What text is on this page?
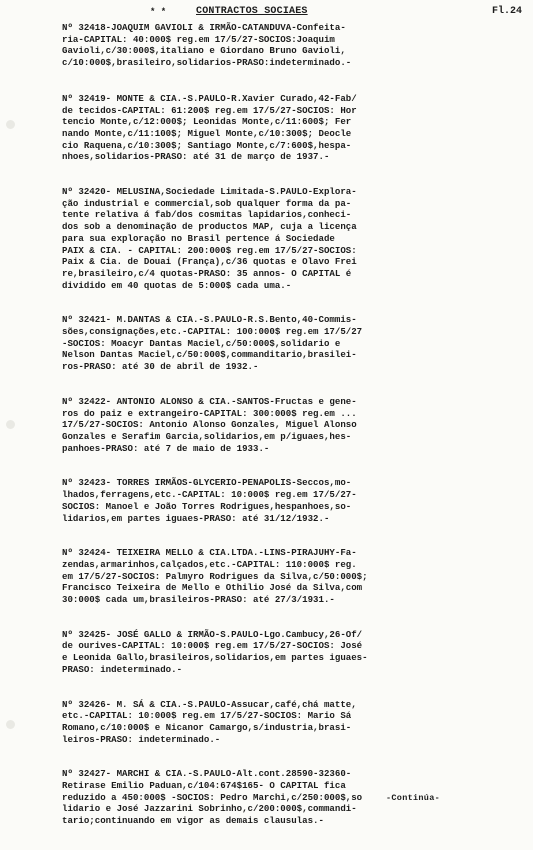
* *	CONTRACTOS SOCIAES	Fl.24
Nº 32418-JOAQUIM GAVIOLI & IRMÃO-CATANDUVA-Confeita-
ria-CAPITAL: 40:000$ reg.em 17/5/27-SOCIOS:Joaquim
Gavioli,c/30:000$,italiano e Giordano Bruno Gavioli,
c/10:000$,brasileiro,solidarios-PRASO:indeterminado.-
Nº 32419- MONTE & CIA.-S.PAULO-R.Xavier Curado,42-Fab/
de tecidos-CAPITAL: 61:200$ reg.em 17/5/27-SOCIOS: Hor
tencio Monte,c/12:000$; Leonidas Monte,c/11:600$; Fer
nando Monte,c/11:100$; Miguel Monte,c/10:300$; Deocle
cio Raquena,c/10:300$; Santiago Monte,c/7:600$,hespa-
nhoes,solidarios-PRASO: até 31 de março de 1937.-
Nº 32420- MELUSINA,Sociedade Limitada-S.PAULO-Explora-
ção industrial e commercial,sob qualquer forma da pa-
tente relativa á fab/dos cosmitas lapidarios,conheci-
dos sob a denominação de productos MAP, cuja a licença
para sua exploração no Brasil pertence á Sociedade
PAIX & CIA. - CAPITAL: 200:000$ reg.em 17/5/27-SOCIOS:
Paix & Cia. de Douai (França),c/36 quotas e Olavo Frei
re,brasileiro,c/4 quotas-PRASO: 35 annos- O CAPITAL é
dividido em 40 quotas de 5:000$ cada uma.-
Nº 32421- M.DANTAS & CIA.-S.PAULO-R.S.Bento,40-Commis-
sões,consignações,etc.-CAPITAL: 100:000$ reg.em 17/5/27
-SOCIOS: Moacyr Dantas Maciel,c/50:000$,solidario e
Nelson Dantas Maciel,c/50:000$,commanditario,brasilei-
ros-PRASO: até 30 de abril de 1932.-
Nº 32422- ANTONIO ALONSO & CIA.-SANTOS-Fructas e gene-
ros do paiz e extrangeiro-CAPITAL: 300:000$ reg.em ...
17/5/27-SOCIOS: Antonio Alonso Gonzales, Miguel Alonso
Gonzales e Serafim Garcia,solidarios,em p/iguaes,hes-
panhoes-PRASO: até 7 de maio de 1933.-
Nº 32423- TORRES IRMÃOS-GLYCERIO-PENAPOLIS-Seccos,mo-
lhados,ferragens,etc.-CAPITAL: 10:000$ reg.em 17/5/27-
SOCIOS: Manoel e João Torres Rodrigues,hespanhoes,so-
lidarios,em partes iguaes-PRASO: até 31/12/1932.-
Nº 32424- TEIXEIRA MELLO & CIA.LTDA.-LINS-PIRAJUHY-Fa-
zendas,armarinhos,calçados,etc.-CAPITAL: 110:000$ reg.
em 17/5/27-SOCIOS: Palmyro Rodrigues da Silva,c/50:000$;
Francisco Teixeira de Mello e Othilio José da Silva,com
30:000$ cada um,brasileiros-PRASO: até 27/3/1931.-
Nº 32425- JOSÉ GALLO & IRMÃO-S.PAULO-Lgo.Cambucy,26-Of/
de ourives-CAPITAL: 10:000$ reg.em 17/5/27-SOCIOS: José
e Leonida Gallo,brasileiros,solidarios,em partes iguaes-
PRASO: indeterminado.-
Nº 32426- M. SÁ & CIA.-S.PAULO-Assucar,café,chá matte,
etc.-CAPITAL: 10:000$ reg.em 17/5/27-SOCIOS: Mario Sá
Romano,c/10:000$ e Nicanor Camargo,s/industria,brasi-
leiros-PRASO: indeterminado.-
Nº 32427- MARCHI & CIA.-S.PAULO-Alt.cont.28590-32360-
Retirase Emilio Paduan,c/104:674$165- O CAPITAL fica
reduzido a 450:000$ -SOCIOS: Pedro Marchi,c/250:000$,so
lidario e José Jazzarini Sobrinho,c/200:000$,commandi-
tario;continuando em vigor as demais clausulas.-
-Continúa-
